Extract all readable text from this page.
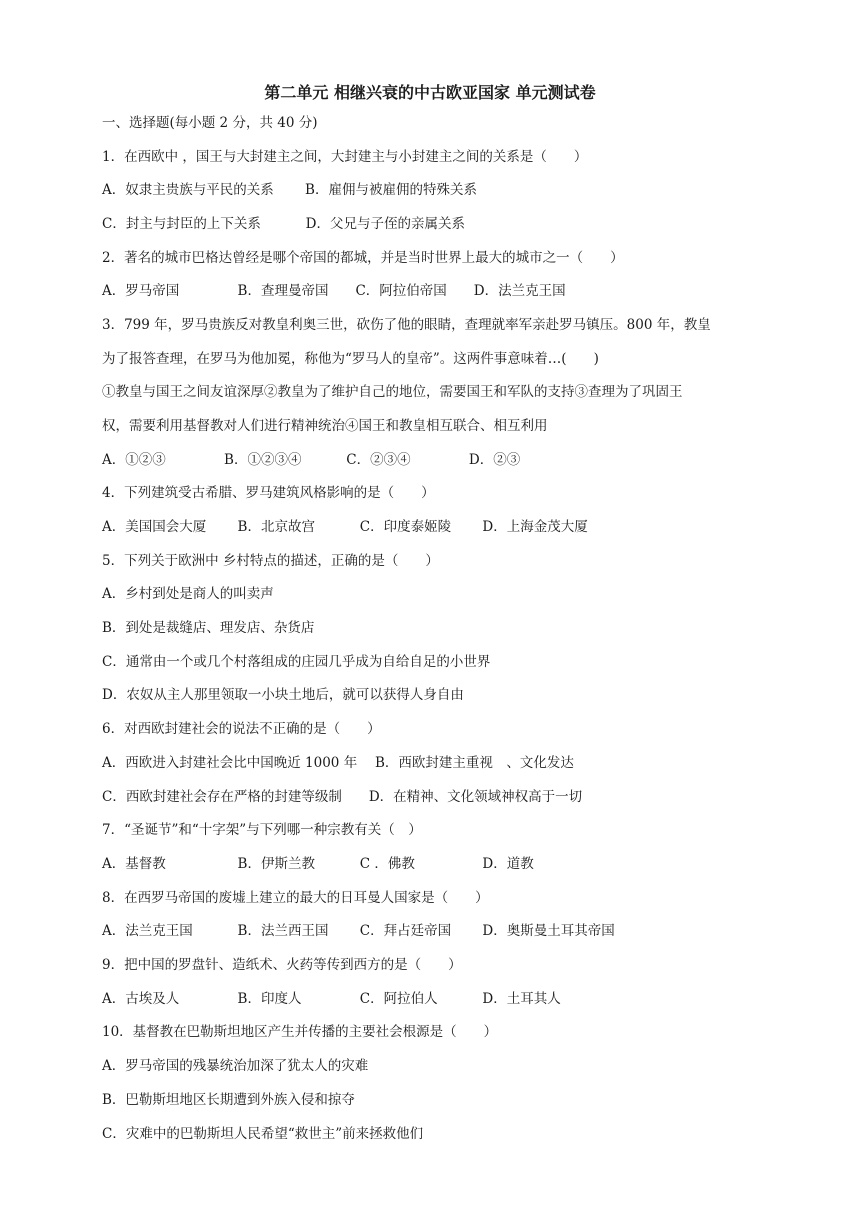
第二单元 相继兴衰的中古欧亚国家 单元测试卷
一、选择题(每小题 2 分，共 40 分)
1．在西欧中 ，国王与大封建主之间，大封建主与小封建主之间的关系是（　　）
A．奴隶主贵族与平民的关系　　 B．雇佣与被雇佣的特殊关系
C．封主与封臣的上下关系　　　 D．父兄与子侄的亲属关系
2．著名的城市巴格达曾经是哪个帝国的都城，并是当时世界上最大的城市之一（　　）
A．罗马帝国　　　　 B．查理曼帝国　　C．阿拉伯帝国　　D．法兰克王国
3．799 年，罗马贵族反对教皇利奥三世，砍伤了他的眼睛，查理就率军亲赴罗马镇压。800 年，教皇
为了报答查理，在罗马为他加冕，称他为“罗马人的皇帝”。这两件事意味着…(　　)
①教皇与国王之间友谊深厚②教皇为了维护自己的地位，需要国王和军队的支持③查理为了巩固王
权，需要利用基督教对人们进行精神统治④国王和教皇相互联合、相互利用
A．①②③　　　　 B．①②③④　　　 C．②③④　　　　 D．②③
4．下列建筑受古希腊、罗马建筑风格影响的是（　　）
A．美国国会大厦　　 B．北京故宫　　　 C．印度泰姬陵　　 D．上海金茂大厦
5．下列关于欧洲中 乡村特点的描述，正确的是（　　）
A．乡村到处是商人的叫卖声
B．到处是裁缝店、理发店、杂货店
C．通常由一个或几个村落组成的庄园几乎成为自给自足的小世界
D．农奴从主人那里领取一小块土地后，就可以获得人身自由
6．对西欧封建社会的说法不正确的是（　　）
A．西欧进入封建社会比中国晚近 1000 年　 B．西欧封建主重视　、文化发达
C．西欧封建社会存在严格的封建等级制　　D．在精神、文化领域神权高于一切
7．“圣诞节”和“十字架”与下列哪一种宗教有关（　）
A．基督教　　　　　 B．伊斯兰教　　　 C ．佛教　　　　　D．道教
8．在西罗马帝国的废墟上建立的最大的日耳曼人国家是（　　）
A．法兰克王国　　　 B．法兰西王国　　 C．拜占廷帝国　　 D．奥斯曼土耳其帝国
9．把中国的罗盘针、造纸术、火药等传到西方的是（　　）
A．古埃及人　　　　 B．印度人　　　　 C．阿拉伯人　　　 D．土耳其人
10．基督教在巴勒斯坦地区产生并传播的主要社会根源是（　　）
A．罗马帝国的残暴统治加深了犹太人的灾难
B．巴勒斯坦地区长期遭到外族入侵和掠夺
C．灾难中的巴勒斯坦人民希望“救世主”前来拯救他们
